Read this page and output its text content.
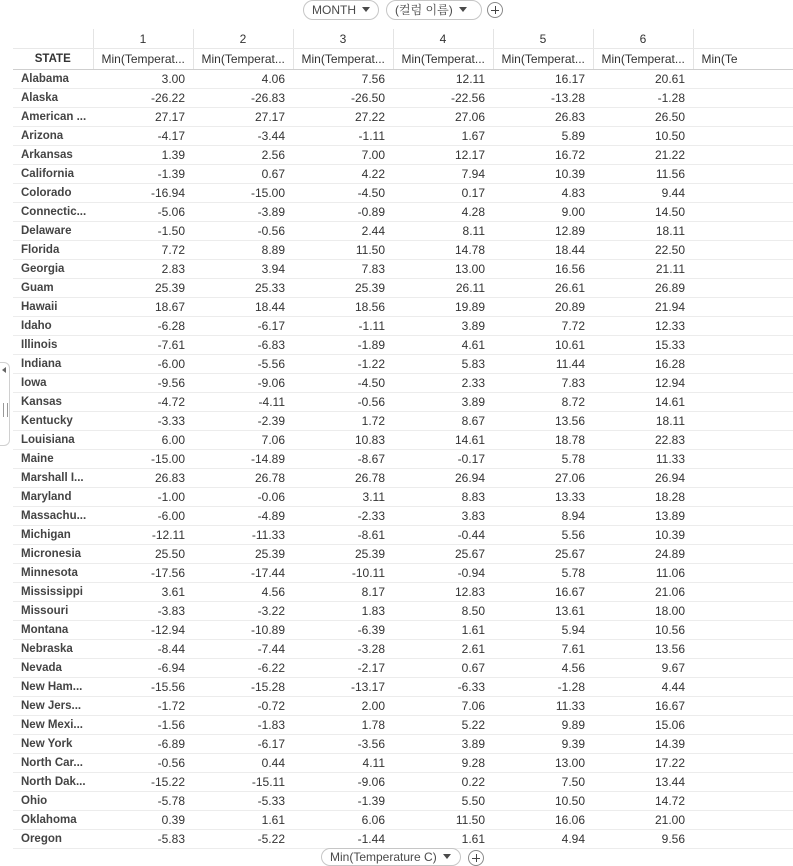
MONTH	(컬럼 이름)
	1	2	3	4	5	6	
STATE	Min(Temperat...	Min(Temperat...	Min(Temperat...	Min(Temperat...	Min(Temperat...	Min(Temperat...	Min(Te
Alabama	3.00	4.06	7.56	12.11	16.17	20.61	
Alaska	-26.22	-26.83	-26.50	-22.56	-13.28	-1.28	
American ...	27.17	27.17	27.22	27.06	26.83	26.50	
Arizona	-4.17	-3.44	-1.11	1.67	5.89	10.50	
Arkansas	1.39	2.56	7.00	12.17	16.72	21.22	
California	-1.39	0.67	4.22	7.94	10.39	11.56	
Colorado	-16.94	-15.00	-4.50	0.17	4.83	9.44	
Connectic...	-5.06	-3.89	-0.89	4.28	9.00	14.50	
Delaware	-1.50	-0.56	2.44	8.11	12.89	18.11	
Florida	7.72	8.89	11.50	14.78	18.44	22.50	
Georgia	2.83	3.94	7.83	13.00	16.56	21.11	
Guam	25.39	25.33	25.39	26.11	26.61	26.89	
Hawaii	18.67	18.44	18.56	19.89	20.89	21.94	
Idaho	-6.28	-6.17	-1.11	3.89	7.72	12.33	
Illinois	-7.61	-6.83	-1.89	4.61	10.61	15.33	
Indiana	-6.00	-5.56	-1.22	5.83	11.44	16.28	
Iowa	-9.56	-9.06	-4.50	2.33	7.83	12.94	
Kansas	-4.72	-4.11	-0.56	3.89	8.72	14.61	
Kentucky	-3.33	-2.39	1.72	8.67	13.56	18.11	
Louisiana	6.00	7.06	10.83	14.61	18.78	22.83	
Maine	-15.00	-14.89	-8.67	-0.17	5.78	11.33	
Marshall I...	26.83	26.78	26.78	26.94	27.06	26.94	
Maryland	-1.00	-0.06	3.11	8.83	13.33	18.28	
Massachu...	-6.00	-4.89	-2.33	3.83	8.94	13.89	
Michigan	-12.11	-11.33	-8.61	-0.44	5.56	10.39	
Micronesia	25.50	25.39	25.39	25.67	25.67	24.89	
Minnesota	-17.56	-17.44	-10.11	-0.94	5.78	11.06	
Mississippi	3.61	4.56	8.17	12.83	16.67	21.06	
Missouri	-3.83	-3.22	1.83	8.50	13.61	18.00	
Montana	-12.94	-10.89	-6.39	1.61	5.94	10.56	
Nebraska	-8.44	-7.44	-3.28	2.61	7.61	13.56	
Nevada	-6.94	-6.22	-2.17	0.67	4.56	9.67	
New Ham...	-15.56	-15.28	-13.17	-6.33	-1.28	4.44	
New Jers...	-1.72	-0.72	2.00	7.06	11.33	16.67	
New Mexi...	-1.56	-1.83	1.78	5.22	9.89	15.06	
New York	-6.89	-6.17	-3.56	3.89	9.39	14.39	
North Car...	-0.56	0.44	4.11	9.28	13.00	17.22	
North Dak...	-15.22	-15.11	-9.06	0.22	7.50	13.44	
Ohio	-5.78	-5.33	-1.39	5.50	10.50	14.72	
Oklahoma	0.39	1.61	6.06	11.50	16.06	21.00	
Oregon	-5.83	-5.22	-1.44	1.61	4.94	9.56	
Min(Temperature C)
